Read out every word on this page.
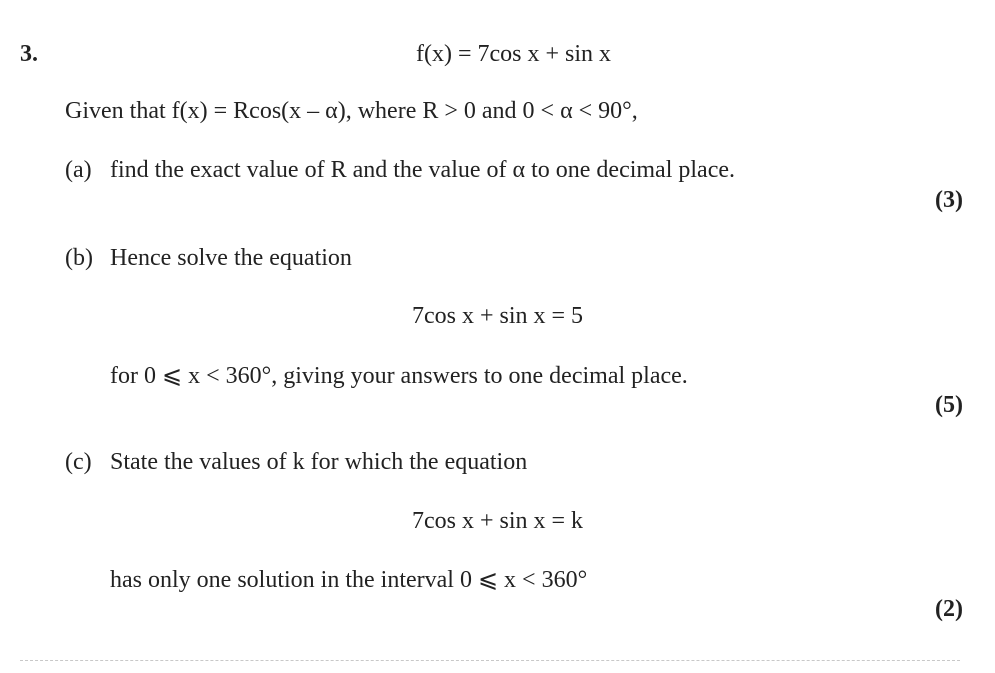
3.	f(x) = 7cos x + sin x
Given that f(x) = Rcos(x – α), where R > 0 and 0 < α < 90°,
(a) find the exact value of R and the value of α to one decimal place.
(3)
(b) Hence solve the equation
7cos x + sin x = 5
for 0 ⩽ x < 360°, giving your answers to one decimal place.
(5)
(c) State the values of k for which the equation
7cos x + sin x = k
has only one solution in the interval 0 ⩽ x < 360°
(2)
